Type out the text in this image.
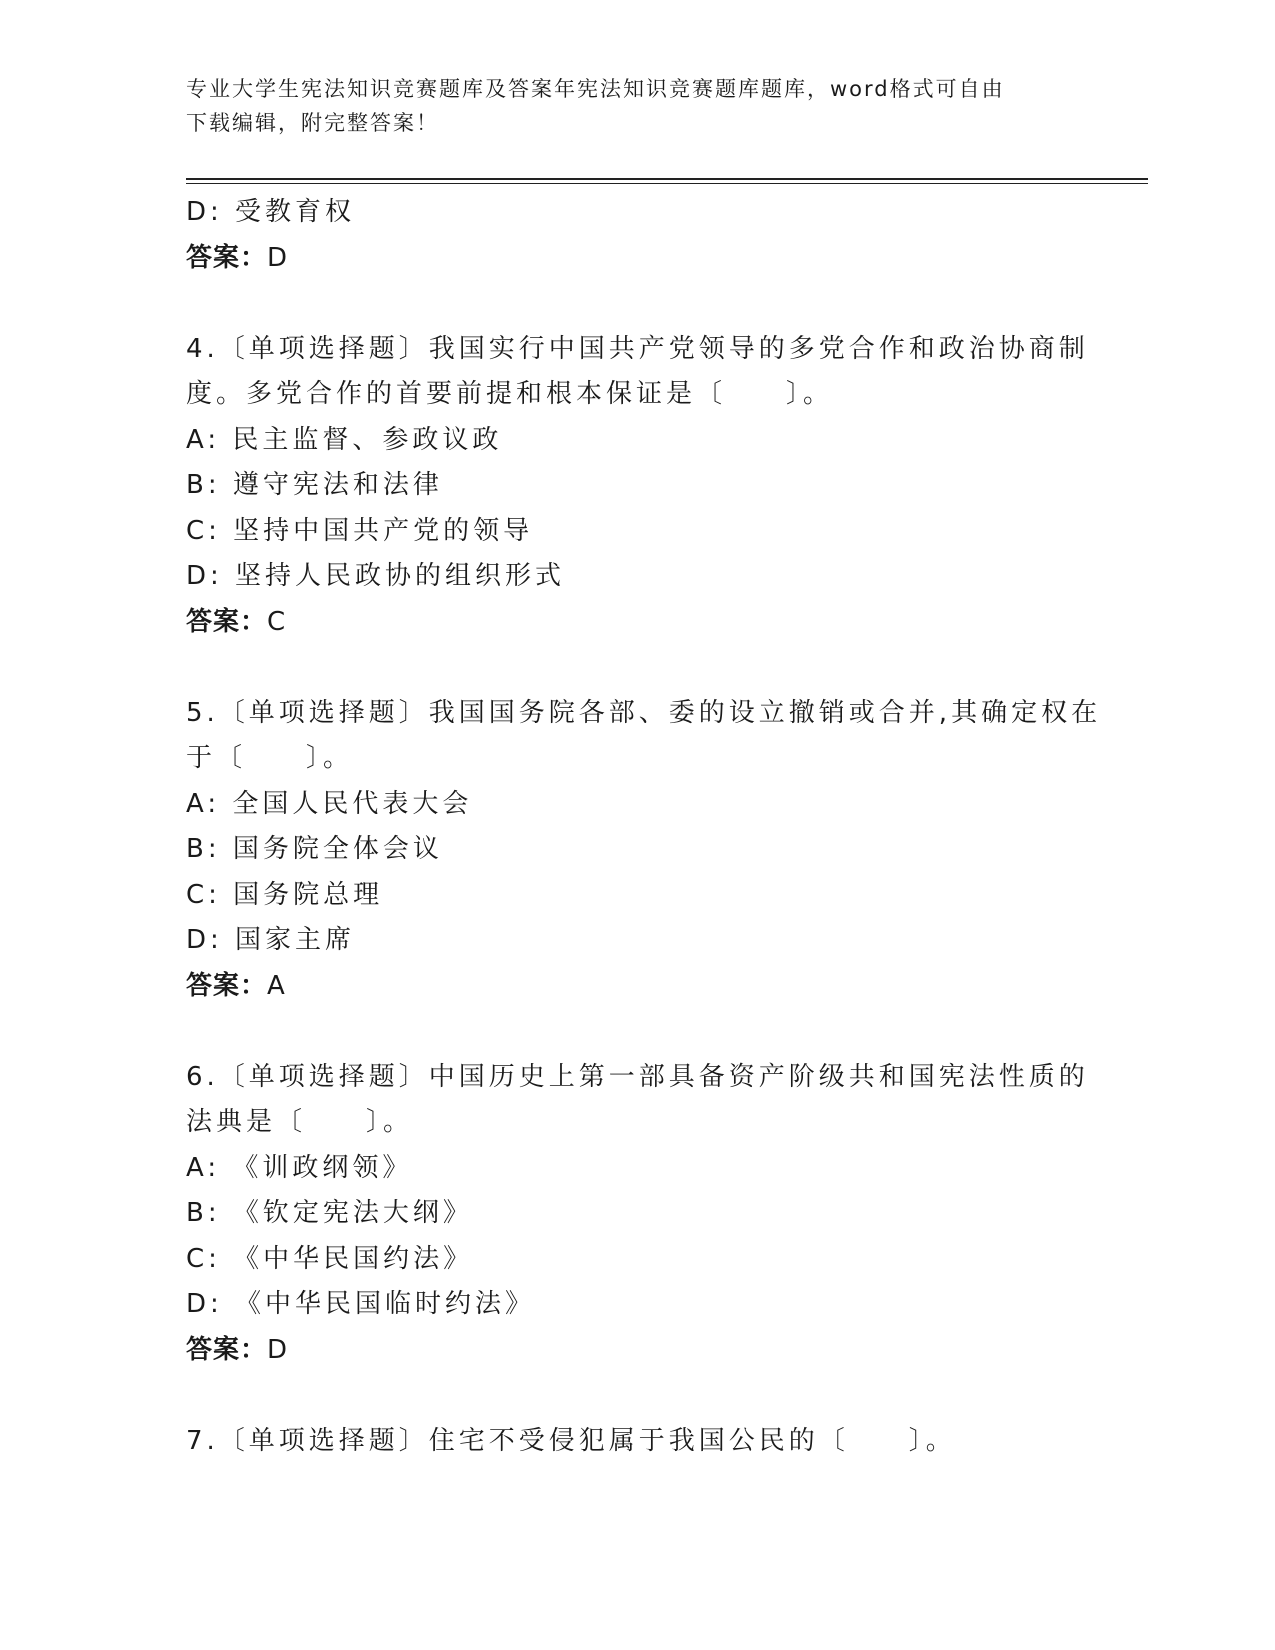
专业大学生宪法知识竞赛题库及答案年宪法知识竞赛题库题库，word格式可自由
下载编辑，附完整答案！
D: 受教育权
答案：D
4.〔单项选择题〕我国实行中国共产党领导的多党合作和政治协商制
度。多党合作的首要前提和根本保证是〔　　〕。
A: 民主监督、参政议政
B: 遵守宪法和法律
C: 坚持中国共产党的领导
D: 坚持人民政协的组织形式
答案：C
5.〔单项选择题〕我国国务院各部、委的设立撤销或合并,其确定权在
于〔　　〕。
A: 全国人民代表大会
B: 国务院全体会议
C: 国务院总理
D: 国家主席
答案：A
6.〔单项选择题〕中国历史上第一部具备资产阶级共和国宪法性质的
法典是〔　　〕。
A: 《训政纲领》
B: 《钦定宪法大纲》
C: 《中华民国约法》
D: 《中华民国临时约法》
答案：D
7.〔单项选择题〕住宅不受侵犯属于我国公民的〔　　〕。
